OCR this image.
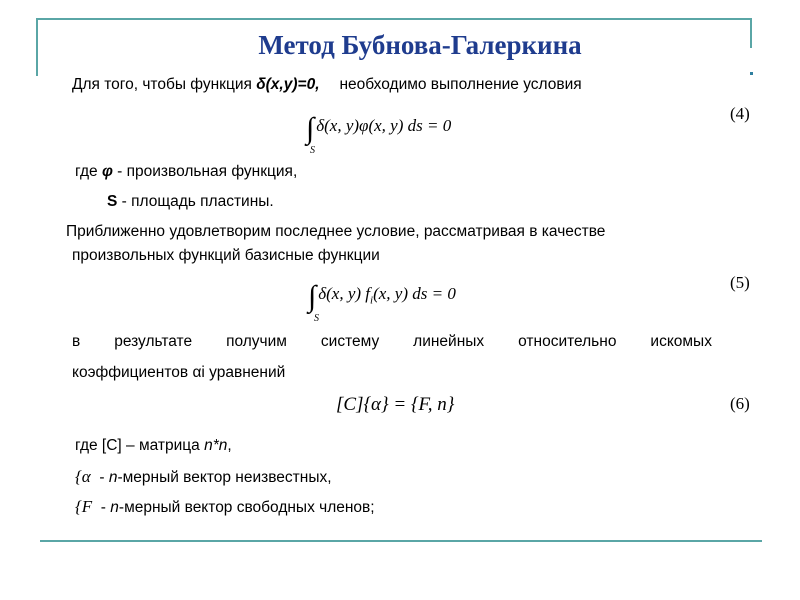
Метод Бубнова-Галеркина
Для того, чтобы функция δ(x,y)=0, необходимо выполнение условия
∫ δ(x, y)φ(x, y) ds = 0
S
(4)
где φ - произвольная функция,
S - площадь пластины.
Приближенно удовлетворим последнее условие, рассматривая в качестве
произвольных функций базисные функции
∫ δ(x, y) $f_i(x$, y) ds = 0
S
(5)
в результате получим систему линейных относительно искомых
коэффициентов αi уравнений
[C]{α} = {F, n}	(6)
где [C] – матрица n*n,
{α  - n-мерный вектор неизвестных,
{F  - n-мерный вектор свободных членов;
